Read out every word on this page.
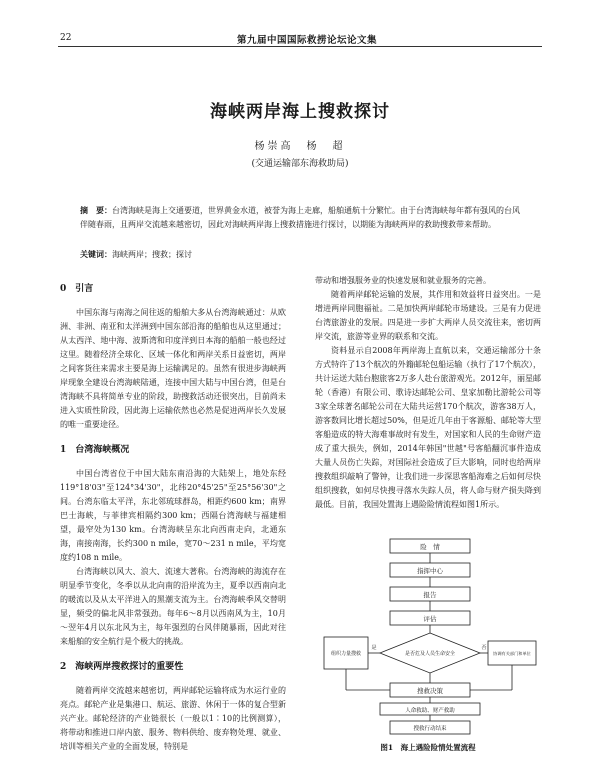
22	第九届中国国际救捞论坛论文集
海峡两岸海上搜救探讨
杨崇高　杨　超
(交通运输部东海救助局)
摘　要：台湾海峡是海上交通要道，世界黄金水道，被誉为海上走廊，船舶通航十分繁忙。由于台湾海峡每年都有强风的台风伴随春雨，且两岸交流越来越密切，因此对海峡两岸海上搜救措施进行探讨，以期能为海峡两岸的救助搜救带来帮助。
关键词：海峡两岸；搜救；探讨
0　引言

中国东海与南海之间往返的船舶大多从台湾海峡通过：从欧洲、非洲、南亚和太洋洲到中国东部沿海的船舶也从这里通过；从太西洋、地中海、波斯湾和印度洋到日本海的船舶一般也经过这里。随着经济全球化、区域一体化和两岸关系日益密切，两岸之间客货往来需求主要是海上运输满足的。虽然有很进步海峡两岸现象全建设台湾海峡陆通，连接中国大陆与中国台湾，但是台湾海峡不具将简单专业的阶段，助搜救活动还很突出，目前尚未进入实质性阶段，因此海上运输依然也必然是促进两岸长久发展的唯一重要途径。

1　台湾海峡概况

中国台湾省位于中国大陆东南沿海的大陆架上，地处东经119°18'03"至124°34'30"，北纬20°45'25"至25°56'30"之间。台湾东临太平洋，东北邻琉球群岛，相距约600 km；南界巴士海峡，与菲律宾相隔约300 km；西隔台湾海峡与福建相望，最窄处为130 km。台湾海峡呈东北向西南走向，北通东海，南接南海，长约300 n mile，宽70～231 n mile，平均宽度约108 n mile。

台湾海峡以风大、浪大、流速大著称。台湾海峡的海流存在明显季节变化，冬季以从北向南的沿岸流为主，夏季以西南向北的暖流以及从太平洋进入的黑潮支流为主。台湾海峡季风交替明显，频受的偏北风非常强劲。每年6～8月以西南风为主，10月～翌年4月以东北风为主，每年强烈的台风伴随暴雨，因此对往来船舶的安全航行是个极大的挑战。

2　海峡两岸搜救探讨的重要性

随着两岸交流越来越密切，两岸邮轮运输将成为水运行业的亮点。邮轮产业是集港口、航运、旅游、休闲于一体的复合型新兴产业。邮轮经济的产业链很长（一般以1∶10的比例测算），将带动和推进口岸内旅、服务、物料供给、废弃物处理、就业、培训等相关产业的全面发展，特别是

带动和增强服务业的快速发展和就业服务的完善。

随着两岸邮轮运输的发展，其作用和效益将日益突出。一是增进两岸同胞福祉。二是加快两岸邮轮市场建设。三是有力促进台湾旅游业的发展。四是进一步扩大两岸人员交流往来，密切两岸交流，旅游等业界的联系和交流。

资料显示自2008年两岸海上直航以来，交通运输部分十条方式特许了13个航次的外籍邮轮包船运输（执行了17个航次），共计运送大陆台胞旅客2万多人赴台旅游观光。2012年，丽星邮轮（香港）有限公司、歌诗达邮轮公司、皇家加勒比游轮公司等3家全球著名邮轮公司在大陆共运营170个航次，游客38万人，游客数同比增长超过50%，但是近几年由于客源船、邮轮等大型客船造成的特大海难事故时有发生，对国家和人民的生命财产造成了重大损失，例如，2014年韩国"世越"号客船翻沉事件造成大量人员伤亡失踪，对国际社会造成了巨大影响，同时也给两岸搜救组织敲响了警钟，让我们进一步深思客船海难之后如何尽快组织搜救，如何尽快搜寻落水失踪人员，将人命与财产损失降到最低。目前，我国处置海上遇险险情流程如图1所示。

险　情
指挥中心
报告
评估
是否危及人员生命安全
是	否
组织力量搜救	协调有关部门和单位
搜救决策
人命救助、财产救助
搜救行动结束
图1　海上遇险险情处置流程
